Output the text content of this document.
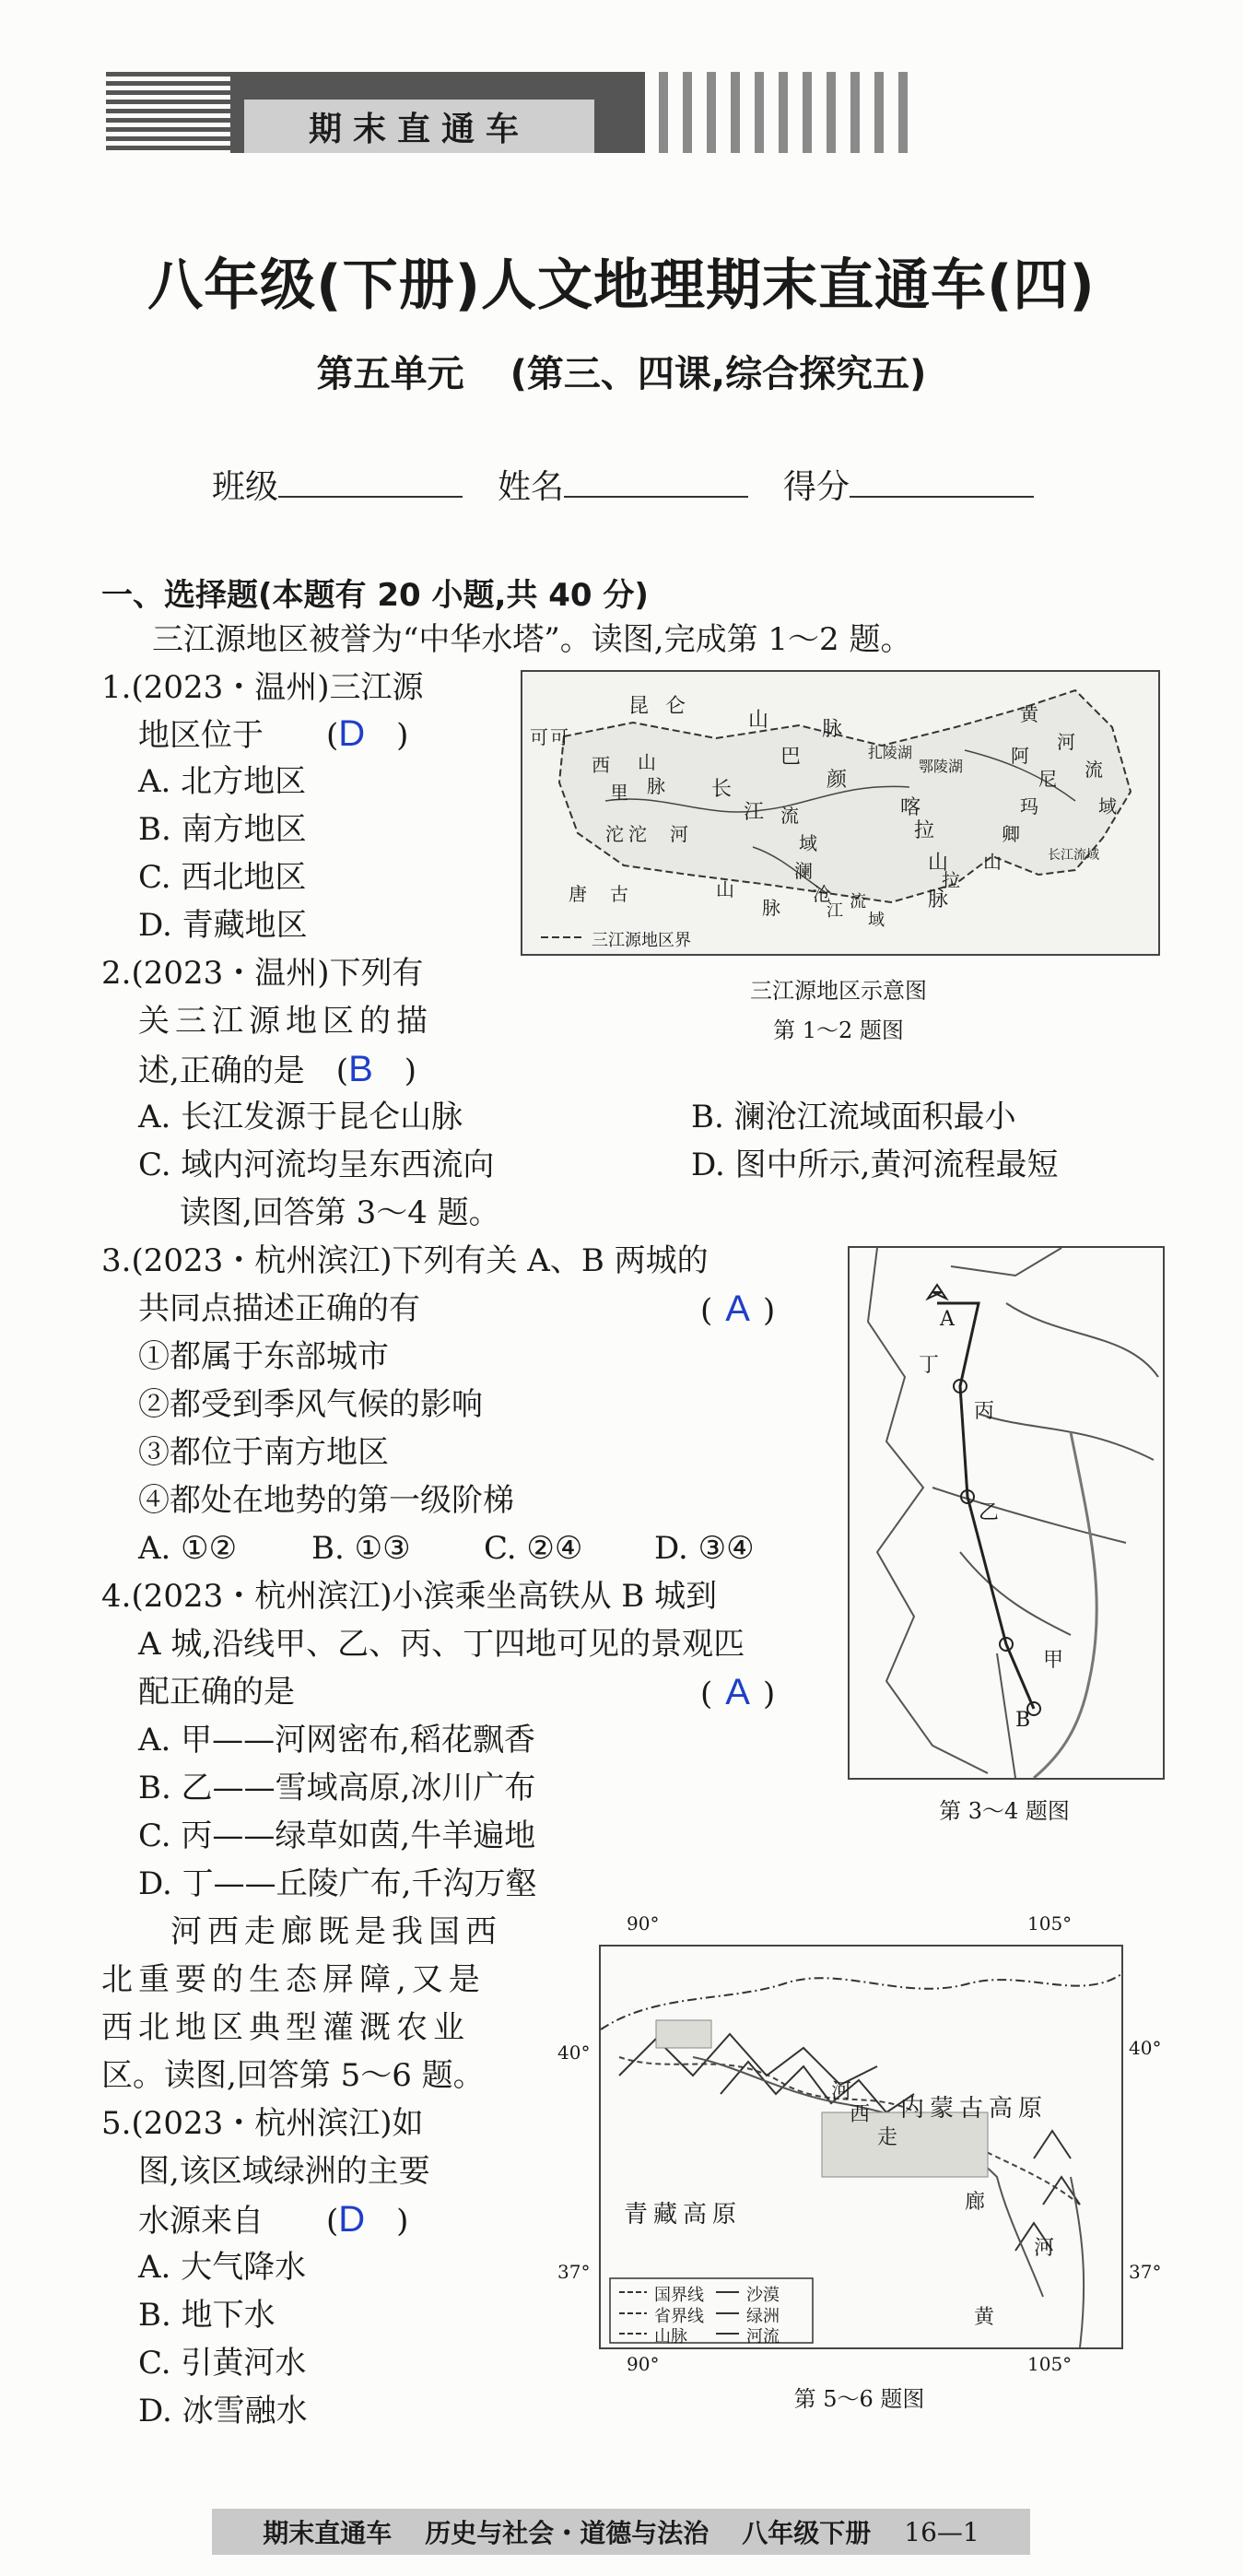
期末直通车
八年级(下册)人文地理期末直通车(四)
第五单元 (第三、四课,综合探究五)
班级	姓名	得分
一、选择题(本题有 20 小题,共 40 分)
三江源地区被誉为“中华水塔”。读图,完成第 1～2 题。
1.(2023・温州)三江源
地区位于　　(D　)
A. 北方地区
B. 南方地区
C. 西北地区
D. 青藏地区
昆 仑
山	脉
可 可
西
里
山
脉
巴
颜
喀
拉
山
脉
长
江
沱 沱 河
流
域
澜
沧
江 流
域
唐 古	山
脉
黄
河
流
域
扎陵湖
鄂陵湖	阿
尼
玛
卿
山	长江流域
拉
三江源地区界
三江源地区示意图
第 1～2 题图
2.(2023・温州)下列有
关三江源地区的描
述,正确的是　(B　)
A. 长江发源于昆仑山脉	B. 澜沧江流域面积最小
C. 域内河流均呈东西流向	D. 图中所示,黄河流程最短
读图,回答第 3～4 题。
3.(2023・杭州滨江)下列有关 A、B 两城的
共同点描述正确的有	( A )
①都属于东部城市
②都受到季风气候的影响
③都位于南方地区
④都处在地势的第一级阶梯
A. ①② B. ①③ C. ②④ D. ③④
4.(2023・杭州滨江)小滨乘坐高铁从 B 城到
A 城,沿线甲、乙、丙、丁四地可见的景观匹
配正确的是	( A )
A. 甲——河网密布,稻花飘香
B. 乙——雪域高原,冰川广布
C. 丙——绿草如茵,牛羊遍地
D. 丁——丘陵广布,千沟万壑
A
丁
丙
乙
甲
B
第 3～4 题图
河西走廊既是我国西
北重要的生态屏障,又是
西北地区典型灌溉农业
区。读图,回答第 5～6 题。
5.(2023・杭州滨江)如
图,该区域绿洲的主要
水源来自　　(D　)
A. 大气降水
B. 地下水
C. 引黄河水
D. 冰雪融水
90°	105°
40°	40°
37°	37°
90°	105°
内蒙古高原
青藏高原
河
西
走
廊
黄
河
国界线	沙漠
省界线	绿洲
山脉	河流
第 5～6 题图
期末直通车 历史与社会・道德与法治 八年级下册 16—1
